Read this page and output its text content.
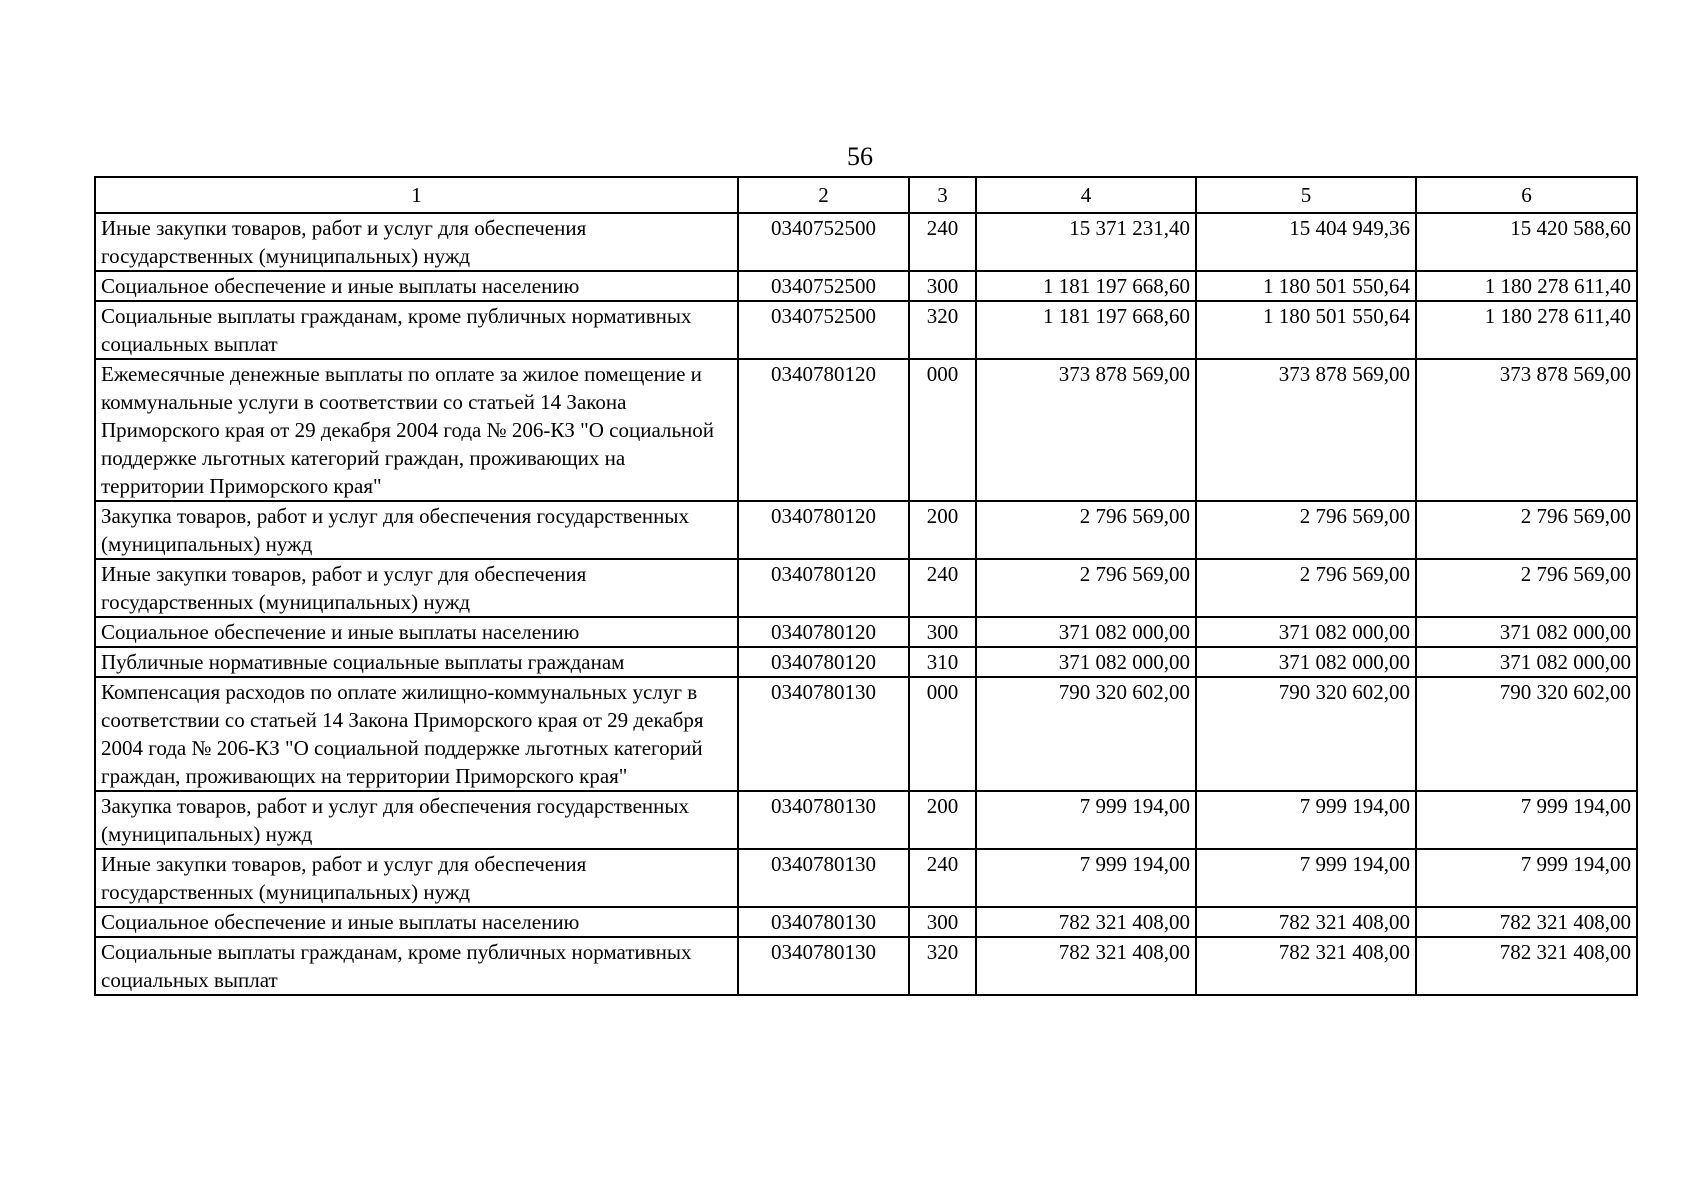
56
1	2	3	4	5	6
Иные закупки товаров, работ и услуг для обеспечения государственных (муниципальных) нужд	0340752500	240	15 371 231,40	15 404 949,36	15 420 588,60
Социальное обеспечение и иные выплаты населению	0340752500	300	1 181 197 668,60	1 180 501 550,64	1 180 278 611,40
Социальные выплаты гражданам, кроме публичных нормативных социальных выплат	0340752500	320	1 181 197 668,60	1 180 501 550,64	1 180 278 611,40
Ежемесячные денежные выплаты по оплате за жилое помещение и коммунальные услуги в соответствии со статьей 14 Закона Приморского края от 29 декабря 2004 года № 206-КЗ "О социальной поддержке льготных категорий граждан, проживающих на территории Приморского края"	0340780120	000	373 878 569,00	373 878 569,00	373 878 569,00
Закупка товаров, работ и услуг для обеспечения государственных (муниципальных) нужд	0340780120	200	2 796 569,00	2 796 569,00	2 796 569,00
Иные закупки товаров, работ и услуг для обеспечения государственных (муниципальных) нужд	0340780120	240	2 796 569,00	2 796 569,00	2 796 569,00
Социальное обеспечение и иные выплаты населению	0340780120	300	371 082 000,00	371 082 000,00	371 082 000,00
Публичные нормативные социальные выплаты гражданам	0340780120	310	371 082 000,00	371 082 000,00	371 082 000,00
Компенсация расходов по оплате жилищно-коммунальных услуг в соответствии со статьей 14 Закона Приморского края от 29 декабря 2004 года № 206-КЗ "О социальной поддержке льготных категорий граждан, проживающих на территории Приморского края"	0340780130	000	790 320 602,00	790 320 602,00	790 320 602,00
Закупка товаров, работ и услуг для обеспечения государственных (муниципальных) нужд	0340780130	200	7 999 194,00	7 999 194,00	7 999 194,00
Иные закупки товаров, работ и услуг для обеспечения государственных (муниципальных) нужд	0340780130	240	7 999 194,00	7 999 194,00	7 999 194,00
Социальное обеспечение и иные выплаты населению	0340780130	300	782 321 408,00	782 321 408,00	782 321 408,00
Социальные выплаты гражданам, кроме публичных нормативных социальных выплат	0340780130	320	782 321 408,00	782 321 408,00	782 321 408,00
